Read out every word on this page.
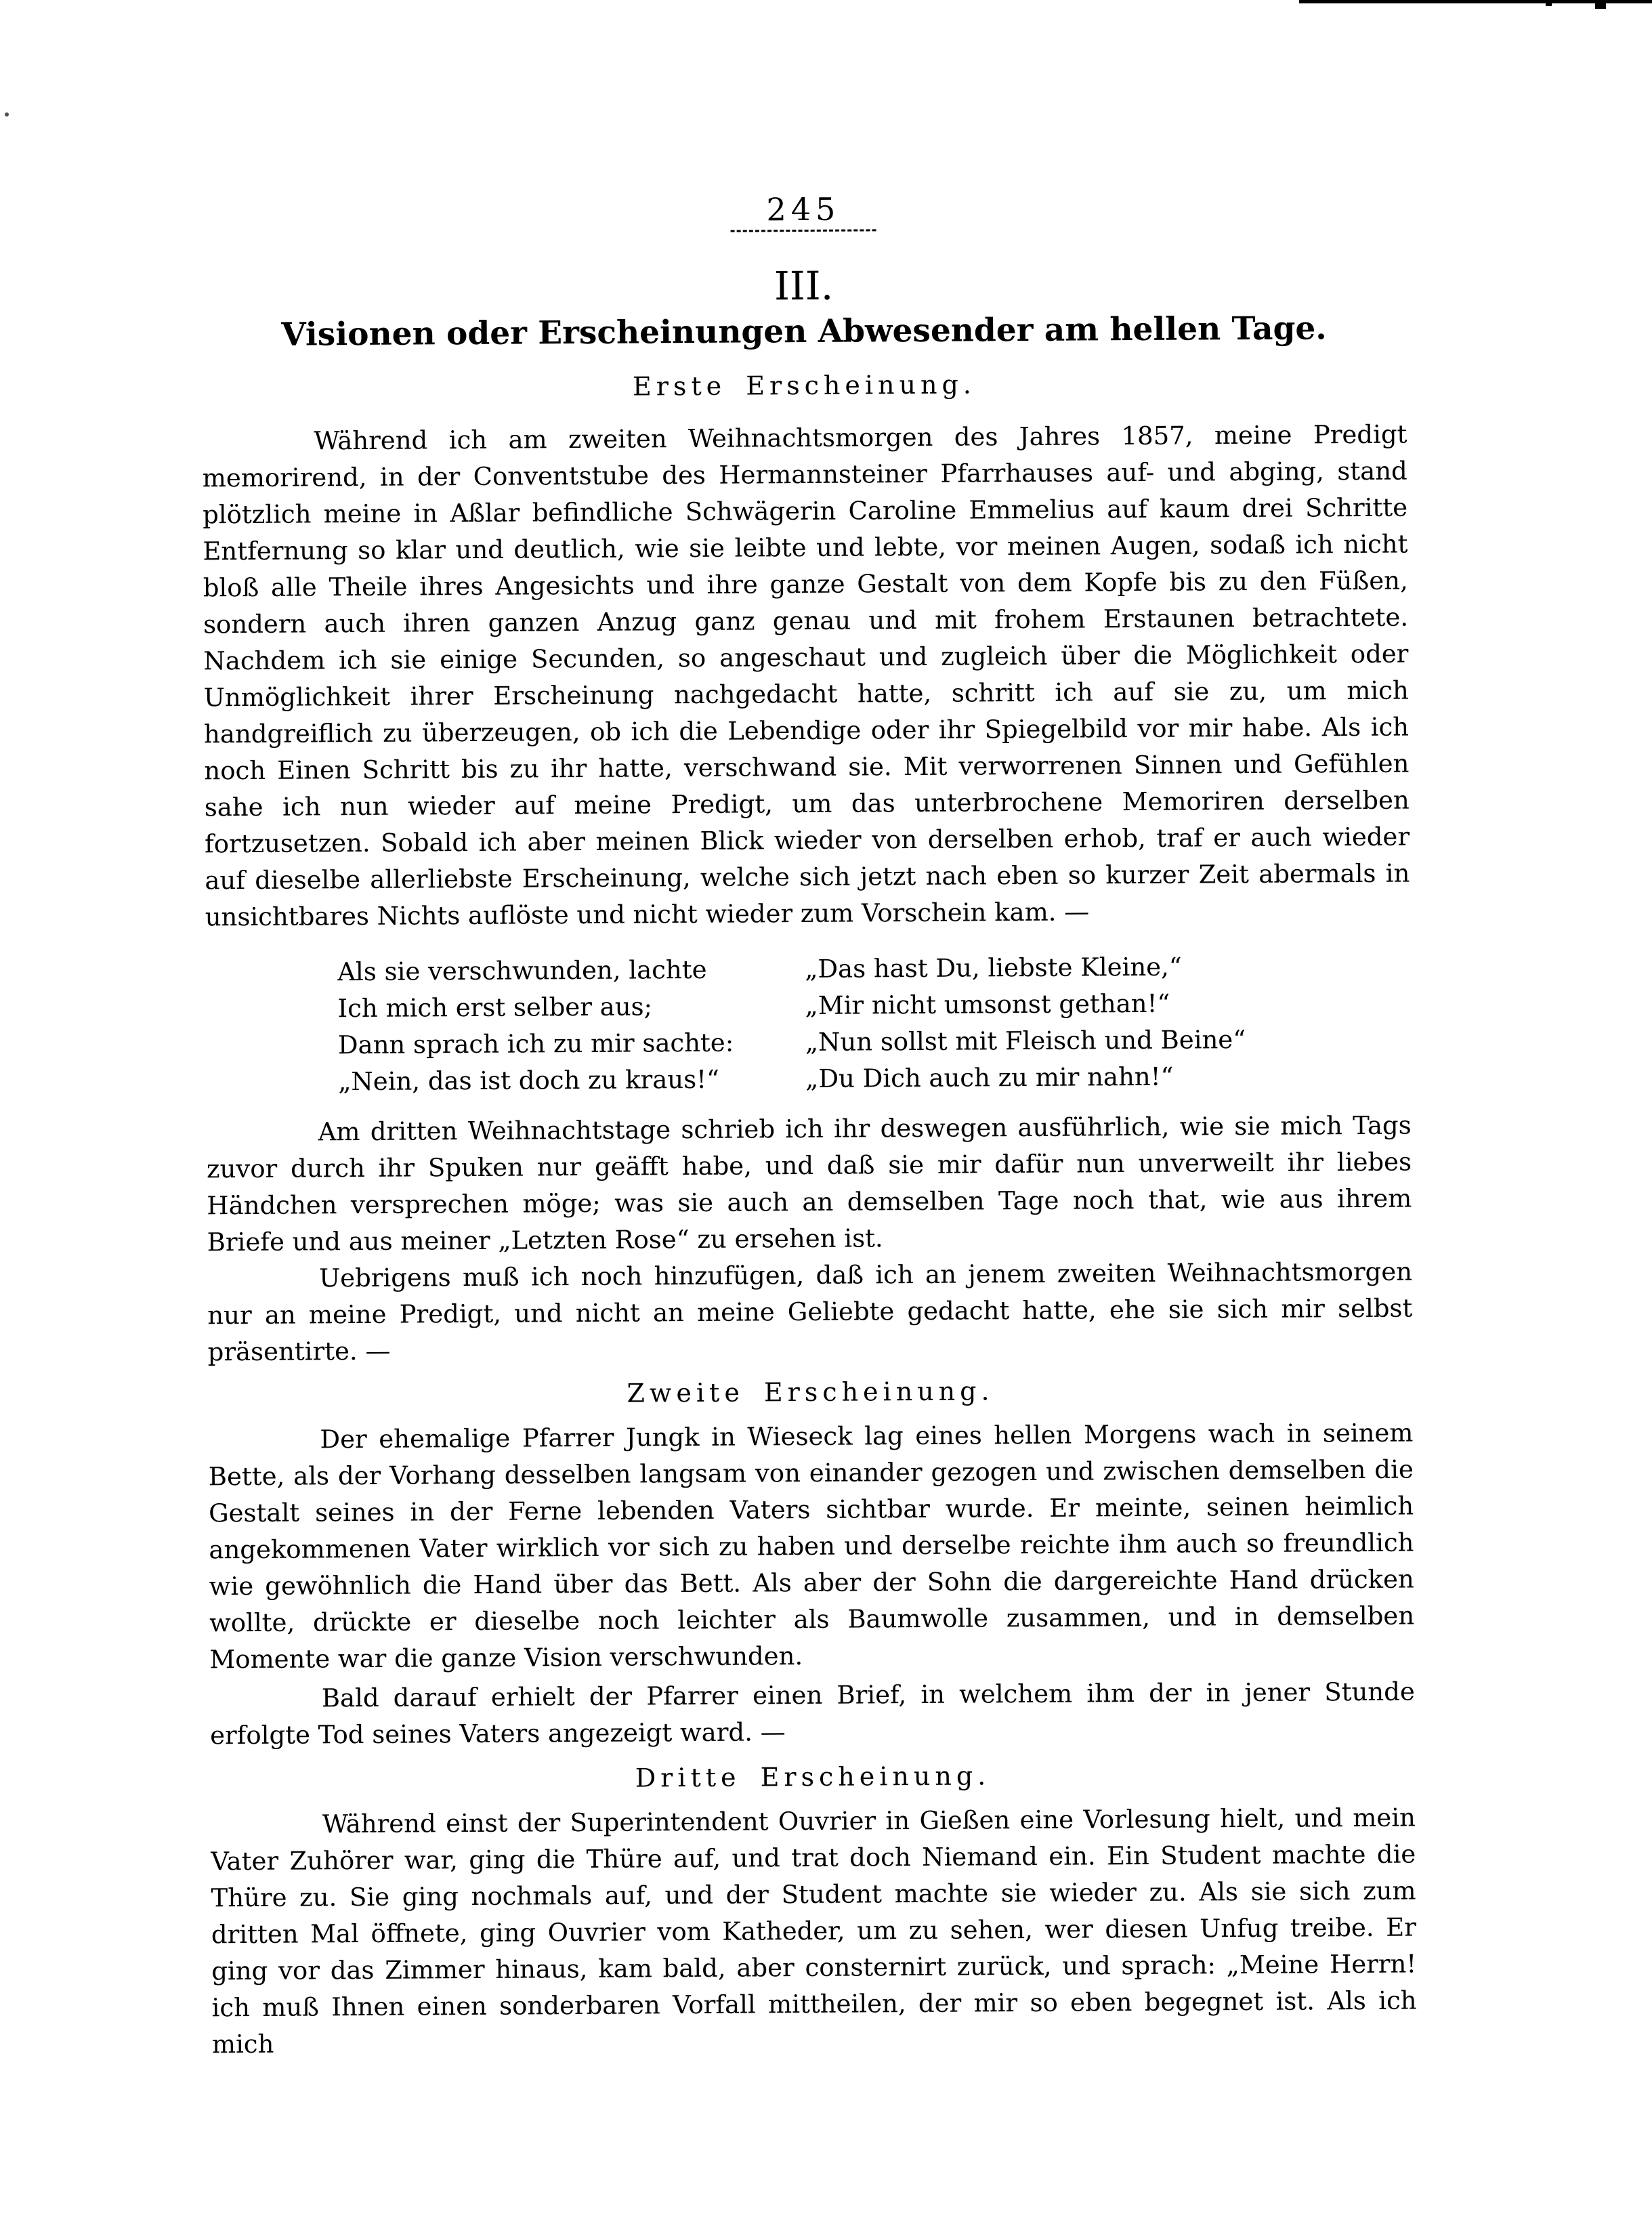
245
III.
Visionen oder Erscheinungen Abwesender am hellen Tage.
Erste Erscheinung.

Während ich am zweiten Weihnachtsmorgen des Jahres 1857, meine Predigt memorirend, in der Conventstube des Hermannsteiner Pfarrhauses auf- und abging, stand plötzlich meine in Aßlar befindliche Schwägerin Caroline Emmelius auf kaum drei Schritte Entfernung so klar und deutlich, wie sie leibte und lebte, vor meinen Augen, sodaß ich nicht bloß alle Theile ihres Angesichts und ihre ganze Gestalt von dem Kopfe bis zu den Füßen, sondern auch ihren ganzen Anzug ganz genau und mit frohem Erstaunen betrachtete. Nachdem ich sie einige Secunden, so angeschaut und zugleich über die Möglichkeit oder Unmöglichkeit ihrer Erscheinung nachgedacht hatte, schritt ich auf sie zu, um mich handgreiflich zu überzeugen, ob ich die Lebendige oder ihr Spiegelbild vor mir habe. Als ich noch Einen Schritt bis zu ihr hatte, verschwand sie. Mit verworrenen Sinnen und Gefühlen sahe ich nun wieder auf meine Predigt, um das unterbrochene Memoriren derselben fortzusetzen. Sobald ich aber meinen Blick wieder von derselben erhob, traf er auch wieder auf dieselbe allerliebste Erscheinung, welche sich jetzt nach eben so kurzer Zeit abermals in unsichtbares Nichts auflöste und nicht wieder zum Vorschein kam. —

Als sie verschwunden, lachte
Ich mich erst selber aus;
Dann sprach ich zu mir sachte:
„Nein, das ist doch zu kraus!“
„Das hast Du, liebste Kleine,“
„Mir nicht umsonst gethan!“
„Nun sollst mit Fleisch und Beine“
„Du Dich auch zu mir nahn!“

Am dritten Weihnachtstage schrieb ich ihr deswegen ausführlich, wie sie mich Tags zuvor durch ihr Spuken nur geäfft habe, und daß sie mir dafür nun unverweilt ihr liebes Händchen versprechen möge; was sie auch an demselben Tage noch that, wie aus ihrem Briefe und aus meiner „Letzten Rose“ zu ersehen ist.

Uebrigens muß ich noch hinzufügen, daß ich an jenem zweiten Weihnachtsmorgen nur an meine Predigt, und nicht an meine Geliebte gedacht hatte, ehe sie sich mir selbst präsentirte. —

Zweite Erscheinung.

Der ehemalige Pfarrer Jungk in Wieseck lag eines hellen Morgens wach in seinem Bette, als der Vorhang desselben langsam von einander gezogen und zwischen demselben die Gestalt seines in der Ferne lebenden Vaters sichtbar wurde. Er meinte, seinen heimlich angekommenen Vater wirklich vor sich zu haben und derselbe reichte ihm auch so freundlich wie gewöhnlich die Hand über das Bett. Als aber der Sohn die dargereichte Hand drücken wollte, drückte er dieselbe noch leichter als Baumwolle zusammen, und in demselben Momente war die ganze Vision verschwunden.

Bald darauf erhielt der Pfarrer einen Brief, in welchem ihm der in jener Stunde erfolgte Tod seines Vaters angezeigt ward. —

Dritte Erscheinung.

Während einst der Superintendent Ouvrier in Gießen eine Vorlesung hielt, und mein Vater Zuhörer war, ging die Thüre auf, und trat doch Niemand ein. Ein Student machte die Thüre zu. Sie ging nochmals auf, und der Student machte sie wieder zu. Als sie sich zum dritten Mal öffnete, ging Ouvrier vom Katheder, um zu sehen, wer diesen Unfug treibe. Er ging vor das Zimmer hinaus, kam bald, aber consternirt zurück, und sprach: „Meine Herrn! ich muß Ihnen einen sonderbaren Vorfall mittheilen, der mir so eben begegnet ist. Als ich mich
